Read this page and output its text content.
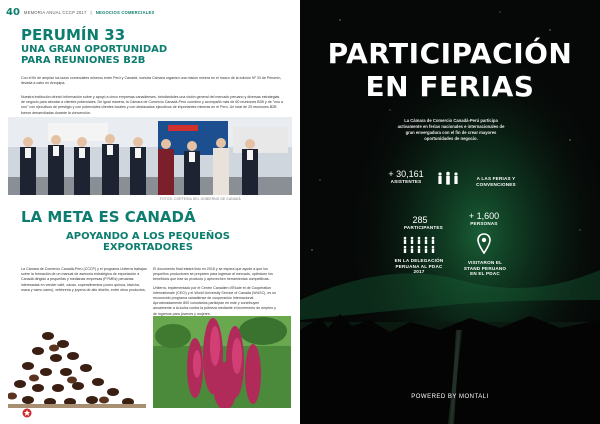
40 MEMORIA ANUAL CCCP 2017 | NEGOCIOS COMERCIALES
PERUMÍN 33
UNA GRAN OPORTUNIDAD
PARA REUNIONES B2B

Con el fin de ampliar los lazos comerciales mineros entre Perú y Canadá, nuestra Cámara organizó una misión minera en el marco de la edición Nº 33 de Perumín, llevada a cabo en Arequipa.

Nuestra institución ofreció información sobre y apoyó a cinco empresas canadienses, brindándoles una visión general del mercado peruano y diversas estrategias de negocio para abordar a clientes potenciales. De igual manera, la Cámara de Comercio Canadá-Perú coordinó y acompañó más de 60 reuniones B2B y de "uno a uno" con ejecutivos de prestigio y con potenciales clientes locales y con destacados ejecutivos de importantes mineras en el Perú. Un total de 29 reuniones B2B fueron desarrolladas durante la convención.

FOTOS: CORTESÍA DEL GOBIERNO DE CANADÁ
LA META ES CANADÁ
APOYANDO A LOS PEQUEÑOS
EXPORTADORES

La Cámara de Comercio Canadá-Perú (CCCP) y el programa Uniterra trabajan sobre la formación de un manual de asesoría estratégica de exportación a Canadá dirigido a pequeñas y medianas empresas (PYMEs) peruanas interesadas en vender café, cacao, superalimentos (como quinua, kiwicha, maca y camu camu), orfebrería y joyería de alto diseño, entre otros productos.

El documento final estará listo en 2018 y se espera que ayude a que los pequeños productores se preparen para ingresar al mercado, optimicen los beneficios que trae su producto y aprovechen herramientas competitivas.

Uniterra, implementado por el Centre Canadien d'Étude et de Coopération Internationale (CECI) y el World University Service of Canada (WUSC), es un reconocido programa canadiense de cooperación internacional. Aproximadamente 800 voluntarios participan en este y contribuyen anualmente a la lucha contra la pobreza mediante el incremento de empleo y de ingresos para jóvenes y mujeres.

PARTICIPACIÓN
EN FERIAS

La Cámara de Comercio Canadá-Perú participa activamente en ferias nacionales e internacionales de gran envergadura con el fin de crear mayores oportunidades de negocio.

+ 30,161
ASISTENTES
A LAS FERIAS Y CONVENCIONES
285
PARTICIPANTES
+ 1,600
PERSONAS
EN LA DELEGACIÓN PERUANA AL PDAC 2017
VISITARON EL STAND PERUANO EN EL PDAC
POWERED BY MONTALI
